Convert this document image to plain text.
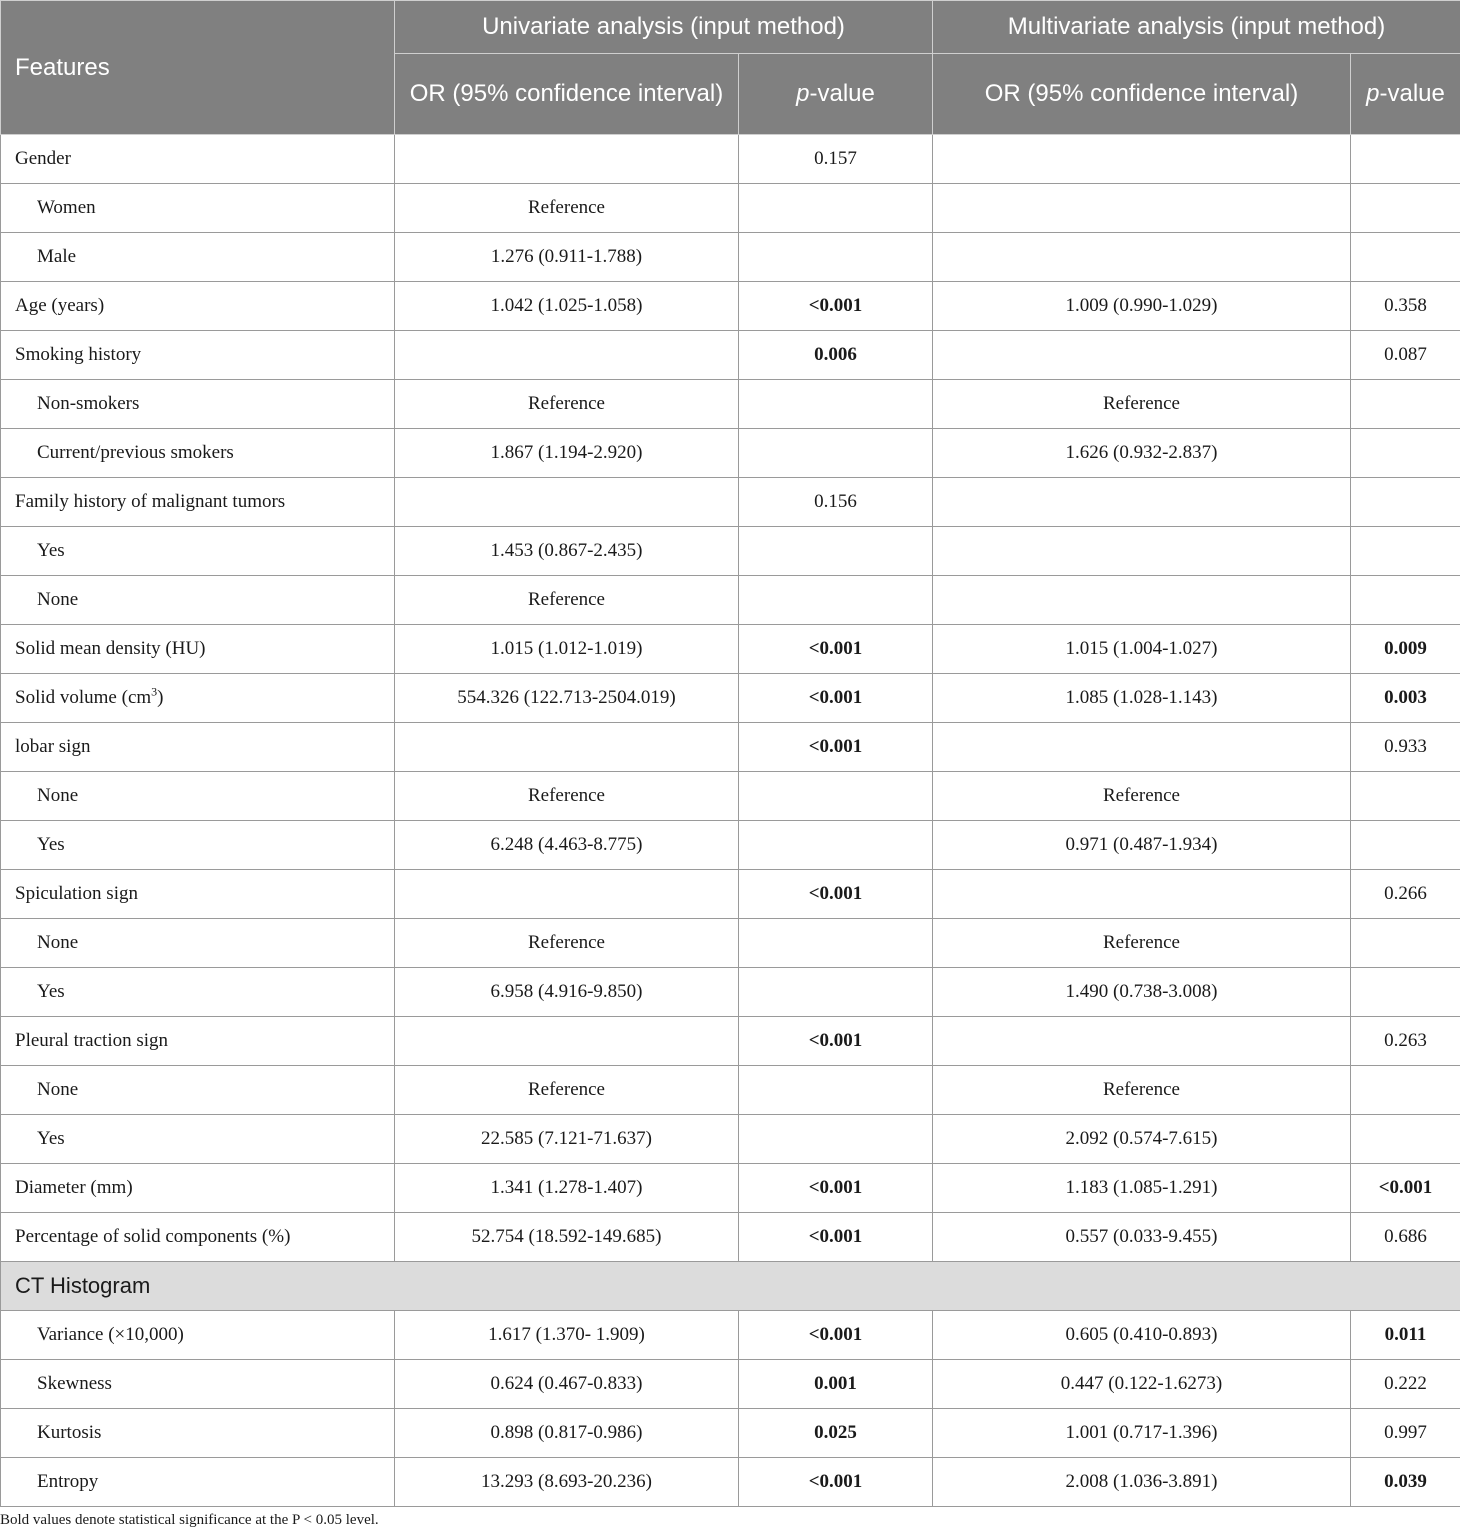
Features	Univariate analysis (input method)		Multivariate analysis (input method)	
	OR (95% confidence interval)	p-value	OR (95% confidence interval)	p-value
Gender		0.157		
Women	Reference			
Male	1.276 (0.911-1.788)			
Age (years)	1.042 (1.025-1.058)	<0.001	1.009 (0.990-1.029)	0.358
Smoking history		0.006		0.087
Non-smokers	Reference		Reference	
Current/previous smokers	1.867 (1.194-2.920)		1.626 (0.932-2.837)	
Family history of malignant tumors		0.156		
Yes	1.453 (0.867-2.435)			
None	Reference			
Solid mean density (HU)	1.015 (1.012-1.019)	<0.001	1.015 (1.004-1.027)	0.009
Solid volume $(cm^3)$	554.326 (122.713-2504.019)	<0.001	1.085 (1.028-1.143)	0.003
lobar sign		<0.001		0.933
None	Reference		Reference	
Yes	6.248 (4.463-8.775)		0.971 (0.487-1.934)	
Spiculation sign		<0.001		0.266
None	Reference		Reference	
Yes	6.958 (4.916-9.850)		1.490 (0.738-3.008)	
Pleural traction sign		<0.001		0.263
None	Reference		Reference	
Yes	22.585 (7.121-71.637)		2.092 (0.574-7.615)	
Diameter (mm)	1.341 (1.278-1.407)	<0.001	1.183 (1.085-1.291)	<0.001
Percentage of solid components (%)	52.754 (18.592-149.685)	<0.001	0.557 (0.033-9.455)	0.686
CT Histogram				
Variance (×10,000)	1.617 (1.370- 1.909)	<0.001	0.605 (0.410-0.893)	0.011
Skewness	0.624 (0.467-0.833)	0.001	0.447 (0.122-1.6273)	0.222
Kurtosis	0.898 (0.817-0.986)	0.025	1.001 (0.717-1.396)	0.997
Entropy	13.293 (8.693-20.236)	<0.001	2.008 (1.036-3.891)	0.039
Bold values denote statistical significance at the P < 0.05 level.
